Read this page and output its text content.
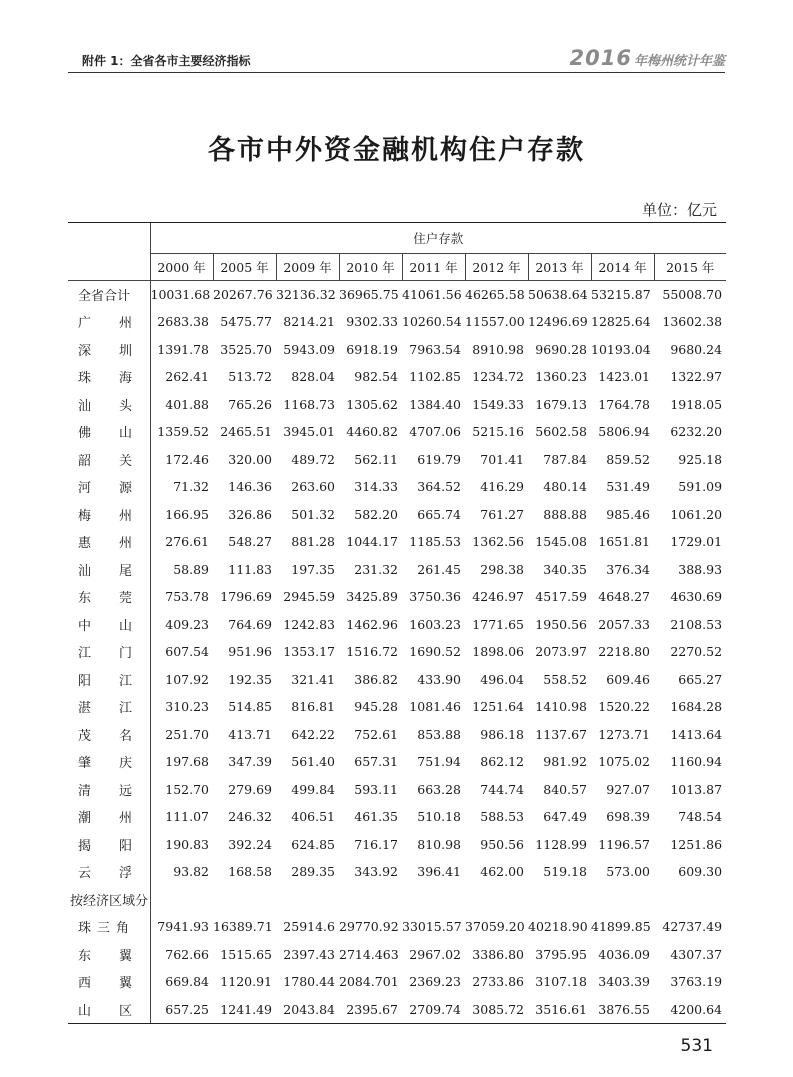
附件 1：全省各市主要经济指标	2016 年梅州统计年鉴
各市中外资金融机构住户存款
单位：亿元
	住户存款								
	2000 年	2005 年	2009 年	2010 年	2011 年	2012 年	2013 年	2014 年	2015 年
全省合计	10031.68	20267.76	32136.32	36965.75	41061.56	46265.58	50638.64	53215.87	55008.70
广州	2683.38	5475.77	8214.21	9302.33	10260.54	11557.00	12496.69	12825.64	13602.38
深圳	1391.78	3525.70	5943.09	6918.19	7963.54	8910.98	9690.28	10193.04	9680.24
珠海	262.41	513.72	828.04	982.54	1102.85	1234.72	1360.23	1423.01	1322.97
汕头	401.88	765.26	1168.73	1305.62	1384.40	1549.33	1679.13	1764.78	1918.05
佛山	1359.52	2465.51	3945.01	4460.82	4707.06	5215.16	5602.58	5806.94	6232.20
韶关	172.46	320.00	489.72	562.11	619.79	701.41	787.84	859.52	925.18
河源	71.32	146.36	263.60	314.33	364.52	416.29	480.14	531.49	591.09
梅州	166.95	326.86	501.32	582.20	665.74	761.27	888.88	985.46	1061.20
惠州	276.61	548.27	881.28	1044.17	1185.53	1362.56	1545.08	1651.81	1729.01
汕尾	58.89	111.83	197.35	231.32	261.45	298.38	340.35	376.34	388.93
东莞	753.78	1796.69	2945.59	3425.89	3750.36	4246.97	4517.59	4648.27	4630.69
中山	409.23	764.69	1242.83	1462.96	1603.23	1771.65	1950.56	2057.33	2108.53
江门	607.54	951.96	1353.17	1516.72	1690.52	1898.06	2073.97	2218.80	2270.52
阳江	107.92	192.35	321.41	386.82	433.90	496.04	558.52	609.46	665.27
湛江	310.23	514.85	816.81	945.28	1081.46	1251.64	1410.98	1520.22	1684.28
茂名	251.70	413.71	642.22	752.61	853.88	986.18	1137.67	1273.71	1413.64
肇庆	197.68	347.39	561.40	657.31	751.94	862.12	981.92	1075.02	1160.94
清远	152.70	279.69	499.84	593.11	663.28	744.74	840.57	927.07	1013.87
潮州	111.07	246.32	406.51	461.35	510.18	588.53	647.49	698.39	748.54
揭阳	190.83	392.24	624.85	716.17	810.98	950.56	1128.99	1196.57	1251.86
云浮	93.82	168.58	289.35	343.92	396.41	462.00	519.18	573.00	609.30
按经济区域分									
珠三角	7941.93	16389.71	25914.6	29770.92	33015.57	37059.20	40218.90	41899.85	42737.49
东翼	762.66	1515.65	2397.43	2714.463	2967.02	3386.80	3795.95	4036.09	4307.37
西翼	669.84	1120.91	1780.44	2084.701	2369.23	2733.86	3107.18	3403.39	3763.19
山区	657.25	1241.49	2043.84	2395.67	2709.74	3085.72	3516.61	3876.55	4200.64
531
